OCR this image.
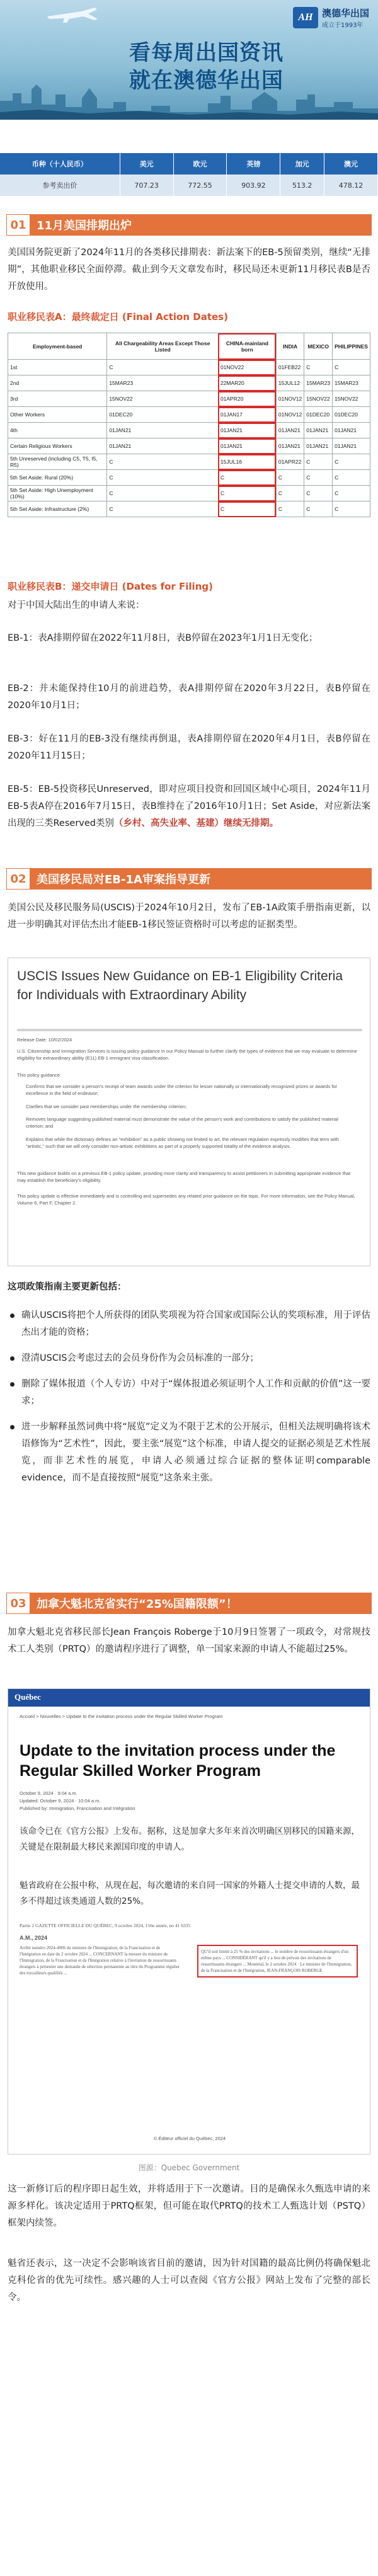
AH 澳德华出国
成立于1993年
看每周出国资讯
就在澳德华出国
币种（十人民币）	美元	欧元	英镑	加元	澳元
参考卖出价	707.23	772.55	903.92	513.2	478.12
01 11月美国排期出炉
美国国务院更新了2024年11月的各类移民排期表：新法案下的EB-5预留类别，继续“无排期”，其他职业移民全面停滞。截止到今天文章发布时，移民局还未更新11月移民表B是否开放使用。
职业移民表A：最终裁定日 (Final Action Dates)
Employment-based	All Chargeability Areas Except Those Listed	CHINA-mainland born	INDIA	MEXICO	PHILIPPINES
1st	C	01NOV22	01FEB22	C	C
2nd	15MAR23	22MAR20	15JUL12	15MAR23	15MAR23
3rd	15NOV22	01APR20	01NOV12	15NOV22	15NOV22
Other Workers	01DEC20	01JAN17	01NOV12	01DEC20	01DEC20
4th	01JAN21	01JAN21	01JAN21	01JAN21	01JAN21
Certain Religious Workers	01JAN21	01JAN21	01JAN21	01JAN21	01JAN21
5th Unreserved (including C5, T5, I5, R5)	C	15JUL16	01APR22	C	C
5th Set Aside: Rural (20%)	C	C	C	C	C
5th Set Aside: High Unemployment (10%)	C	C	C	C	C
5th Set Aside: Infrastructure (2%)	C	C	C	C	C
职业移民表B：递交申请日 (Dates for Filing)
对于中国大陆出生的申请人来说：
EB-1：表A排期停留在2022年11月8日，表B停留在2023年1月1日无变化；
EB-2：并未能保持住10月的前进趋势，表A排期停留在2020年3月22日，表B停留在2020年10月1日；
EB-3：好在11月的EB-3没有继续再倒退，表A排期停留在2020年4月1日，表B停留在2020年11月15日；
EB-5：EB-5投资移民Unreserved，即对应项目投资和回国区域中心项目，2024年11月EB-5表A停在2016年7月15日，表B维持在了2016年10月1日；Set Aside，对应新法案出现的三类Reserved类别（乡村、高失业率、基建）继续无排期。
02 美国移民局对EB-1A审案指导更新
美国公民及移民服务局(USCIS)于2024年10月2日，发布了EB-1A政策手册指南更新，以进一步明确其对评估杰出才能EB-1移民签证资格时可以考虑的证据类型。
USCIS Issues New Guidance on EB-1 Eligibility Criteria for Individuals with Extraordinary Ability
Release Date: 10/02/2024
U.S. Citizenship and Immigration Services is issuing policy guidance in our Policy Manual to further clarify the types of evidence that we may evaluate to determine eligibility for extraordinary ability (E11) EB-1 immigrant visa classification.
This policy guidance:
Confirms that we consider a person's receipt of team awards under the criterion for lesser nationally or internationally recognized prizes or awards for excellence in the field of endeavor;
Clarifies that we consider past memberships under the membership criterion;
Removes language suggesting published material must demonstrate the value of the person's work and contributions to satisfy the published material criterion; and
Explains that while the dictionary defines an "exhibition" as a public showing not limited to art, the relevant regulation expressly modifies that term with "artistic," such that we will only consider non-artistic exhibitions as part of a properly supported totality of the evidence analysis.
This new guidance builds on a previous EB-1 policy update, providing more clarity and transparency to assist petitioners in submitting appropriate evidence that may establish the beneficiary's eligibility.
This policy update is effective immediately and is controlling and supersedes any related prior guidance on the topic. For more information, see the Policy Manual, Volume 6, Part F, Chapter 2.
这项政策指南主要更新包括：
确认USCIS将把个人所获得的团队奖项视为符合国家或国际公认的奖项标准，用于评估杰出才能的资格；
澄清USCIS会考虑过去的会员身份作为会员标准的一部分；
删除了媒体报道（个人专访）中对于“媒体报道必须证明个人工作和贡献的价值”这一要求；
进一步解释虽然词典中将“展览”定义为不限于艺术的公开展示，但相关法规明确将该术语修饰为“艺术性”，因此，要主张“展览”这个标准，申请人提交的证据必须是艺术性展览，而非艺术性的展览，申请人必须通过综合证据的整体证明comparable evidence，而不是直接按照“展览”这条来主张。
03 加拿大魁北克省实行“25%国籍限额”！
加拿大魁北克省移民部长Jean François Roberge于10月9日签署了一项政令，对常规技术工人类别（PRTQ）的邀请程序进行了调整，单一国家来源的申请人不能超过25%。
Québec
Accueil > Nouvelles > Update to the invitation process under the Regular Skilled Worker Program
Update to the invitation process under the Regular Skilled Worker Program
October 9, 2024 · 9:04 a.m.
Updated: October 9, 2024 · 10:04 a.m.
Published by: Immigration, Francisation and Intégration
该命令已在《官方公报》上发布。据称，这是加拿大多年来首次明确区别移民的国籍来源，关键是在限制最大移民来源国印度的申请人。
魁省政府在公报中称，从现在起，每次邀请的来自同一国家的外籍人士提交申请的人数，最多不得超过该类通道人数的25%。
Partie 2 GAZETTE OFFICIELLE DU QUÉBEC, 9 octobre 2024, 156e année, no 41 6335
A.M., 2024
Arrêté numéro 2024-4006 du ministre de l'Immigration, de la Francisation et de l'Intégration en date du 2 octobre 2024 ... CONCERNANT la mesure du ministre de l'Immigration, de la Francisation et de l'Intégration relative à l'invitation de ressortissants étrangers à présenter une demande de sélection permanente au titre du Programme régulier des travailleurs qualifiés ...
QU'il soit limité à 25 % des invitations ... le nombre de ressortissants étrangers d'un même pays ... CONSIDÉRANT qu'il y a lieu de prévoir des invitations de ressortissants étrangers ... Montréal, le 2 octobre 2024 · Le ministre de l'Immigration, de la Francisation et de l'Intégration, JEAN-FRANÇOIS ROBERGE
© Éditeur officiel du Québec, 2024
图源：Quebec Government
这一新修订后的程序即日起生效，并将适用于下一次邀请。目的是确保永久甄选申请的来源多样化。该决定适用于PRTQ框架，但可能在取代PRTQ的技术工人甄选计划（PSTQ）框架内续签。
魁省还表示，这一决定不会影响该省目前的邀请，因为针对国籍的最高比例仍将确保魁北克科伦省的优先可续性。感兴趣的人士可以查阅《官方公报》网站上发布了完整的部长令。
